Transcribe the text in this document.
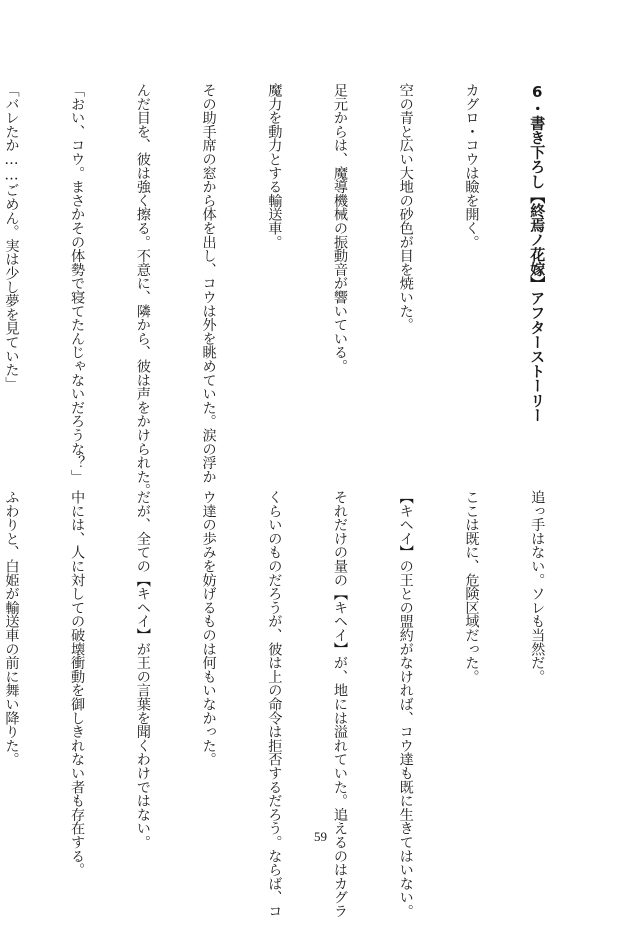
6・書き下ろし【終焉ノ花嫁】アフターストーリー

カグロ・コウは瞼を開く。

空の青と広い大地の砂色が目を焼いた。

足元からは、魔導機械の振動音が響いている。

魔力を動力とする輸送車。

その助手席の窓から体を出し、コウは外を眺めていた。涙の浮か

んだ目を、彼は強く擦る。不意に、隣から、彼は声をかけられた。

「おい、コウ。まさかその体勢で寝てたんじゃないだろうな？」

「バレたか……ごめん。実は少し夢を見ていた」

追っ手はない。ソレも当然だ。

ここは既に、危険区域だった。

【キヘイ】の王との盟約がなければ、コウ達も既に生きてはいない。

それだけの量の【キヘイ】が、地には溢れていた。追えるのはカグラ

くらいのものだろうが、彼は上の命令は拒否するだろう。ならば、コ

ウ達の歩みを妨げるものは何もいなかった。

だが、全ての【キヘイ】が王の言葉を聞くわけではない。

中には、人に対しての破壊衝動を御しきれない者も存在する。

ふわりと、白姫が輸送車の前に舞い降りた。

59
